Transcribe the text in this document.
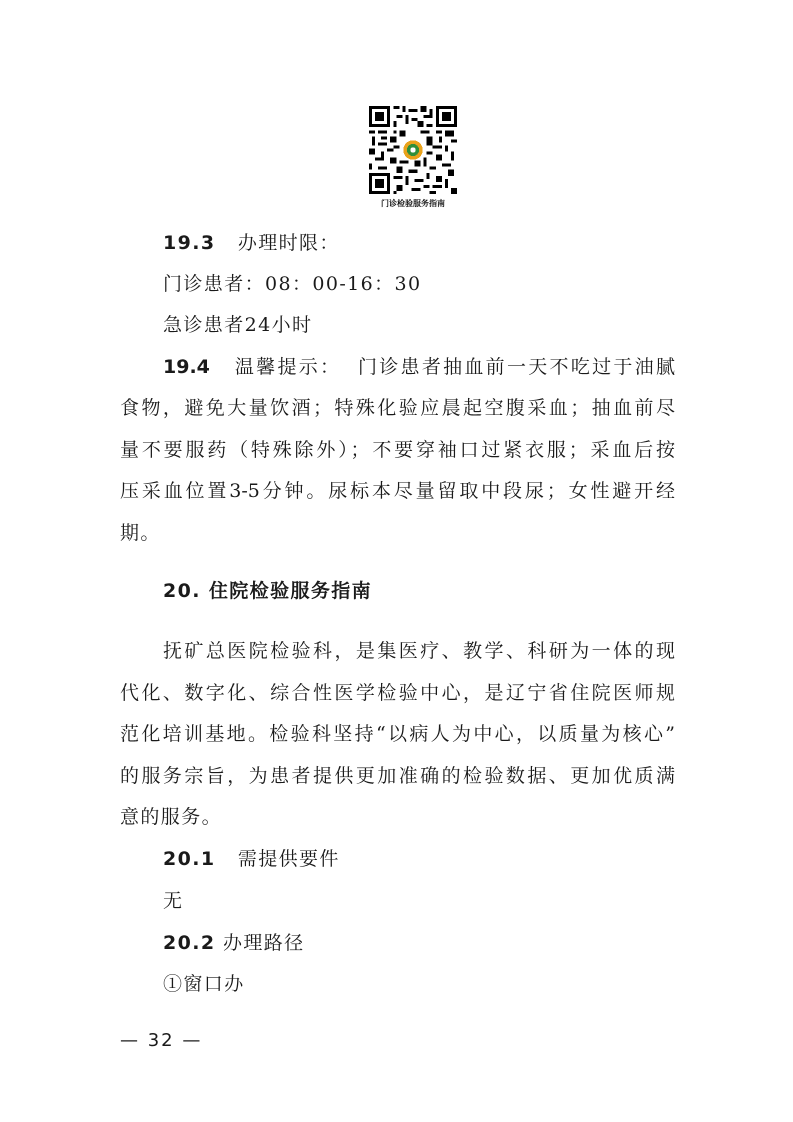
门诊检验服务指南
19.3 办理时限：
门诊患者：08：00-16：30
急诊患者24小时
19.4 温馨提示： 门诊患者抽血前一天不吃过于油腻
食物，避免大量饮酒；特殊化验应晨起空腹采血；抽血前尽
量不要服药（特殊除外）；不要穿袖口过紧衣服；采血后按
压采血位置3-5分钟。尿标本尽量留取中段尿；女性避开经
期。
20. 住院检验服务指南
抚矿总医院检验科，是集医疗、教学、科研为一体的现
代化、数字化、综合性医学检验中心，是辽宁省住院医师规
范化培训基地。检验科坚持“以病人为中心，以质量为核心”
的服务宗旨，为患者提供更加准确的检验数据、更加优质满
意的服务。
20.1 需提供要件
无
20.2 办理路径
①窗口办
— 32 —
